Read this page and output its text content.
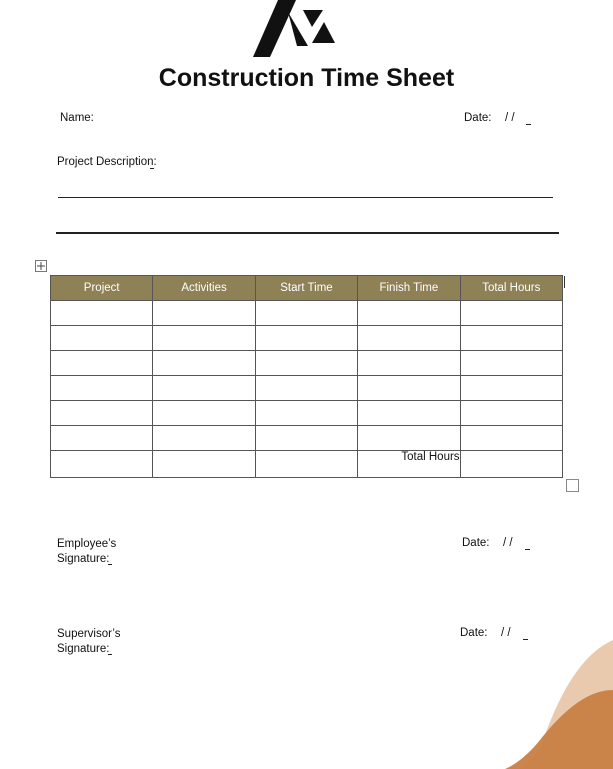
Construction Time Sheet
Name:	Date: / /
Project Description:
Project	Activities	Start Time	Finish Time	Total Hours

			Total Hours	
Employee’s
Signature:
Date: / /
Supervisor’s
Signature:
Date: / /
